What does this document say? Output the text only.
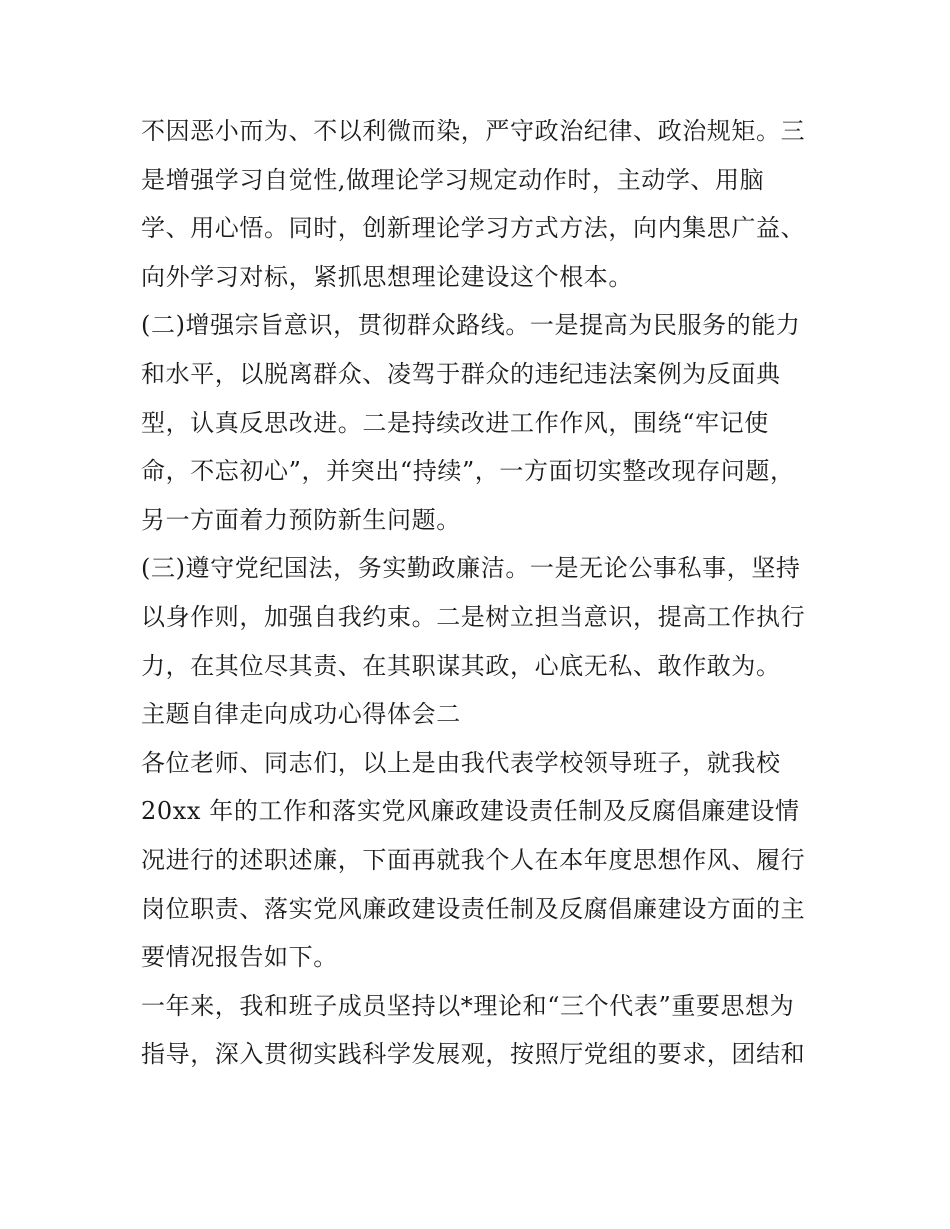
不因恶小而为、不以利微而染，严守政治纪律、政治规矩。三
是增强学习自觉性,做理论学习规定动作时，主动学、用脑
学、用心悟。同时，创新理论学习方式方法，向内集思广益、
向外学习对标，紧抓思想理论建设这个根本。
(二)增强宗旨意识，贯彻群众路线。一是提高为民服务的能力
和水平，以脱离群众、凌驾于群众的违纪违法案例为反面典
型，认真反思改进。二是持续改进工作作风，围绕“牢记使
命，不忘初心”，并突出“持续”，一方面切实整改现存问题，
另一方面着力预防新生问题。
(三)遵守党纪国法，务实勤政廉洁。一是无论公事私事，坚持
以身作则，加强自我约束。二是树立担当意识，提高工作执行
力，在其位尽其责、在其职谋其政，心底无私、敢作敢为。
主题自律走向成功心得体会二
各位老师、同志们，以上是由我代表学校领导班子，就我校
20xx 年的工作和落实党风廉政建设责任制及反腐倡廉建设情
况进行的述职述廉，下面再就我个人在本年度思想作风、履行
岗位职责、落实党风廉政建设责任制及反腐倡廉建设方面的主
要情况报告如下。
一年来，我和班子成员坚持以*理论和“三个代表”重要思想为
指导，深入贯彻实践科学发展观，按照厅党组的要求，团结和
